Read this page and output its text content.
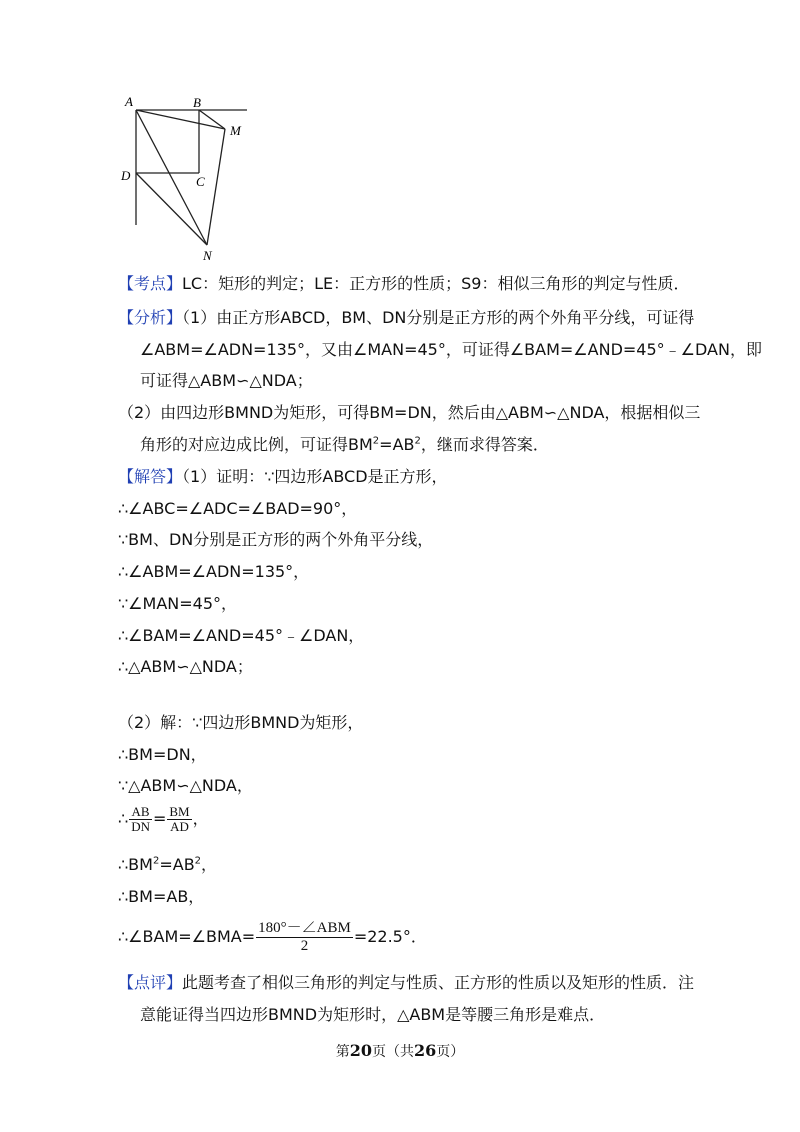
A	B
M
D	C
N
【考点】LC：矩形的判定；LE：正方形的性质；S9：相似三角形的判定与性质．
【分析】（1）由正方形ABCD，BM、DN分别是正方形的两个外角平分线，可证得
∠ABM=∠ADN=135°，又由∠MAN=45°，可证得∠BAM=∠AND=45°﹣∠DAN，即
可证得△ABM∽△NDA；
（2）由四边形BMND为矩形，可得BM=DN，然后由△ABM∽△NDA，根据相似三
角形的对应边成比例，可证得$BM^2=AB^2$，继而求得答案．
【解答】（1）证明：∵四边形ABCD是正方形，
∴∠ABC=∠ADC=∠BAD=90°，
∵BM、DN分别是正方形的两个外角平分线，
∴∠ABM=∠ADN=135°，
∵∠MAN=45°，
∴∠BAM=∠AND=45°﹣∠DAN，
∴△ABM∽△NDA；
（2）解：∵四边形BMND为矩形，
∴BM=DN，
∵△ABM∽△NDA，
∴ $\frac{AB}{DN} = \frac{BM}{AD}$ ，
$\therefore BM^2=AB^2$，
∴BM=AB，
∴∠BAM=∠BMA= $\frac{\text{180°－∠ABM}}{2} =22.5^\circ$．
【点评】此题考查了相似三角形的判定与性质、正方形的性质以及矩形的性质．注
意能证得当四边形BMND为矩形时，△ABM是等腰三角形是难点．
第20页（共26页）
